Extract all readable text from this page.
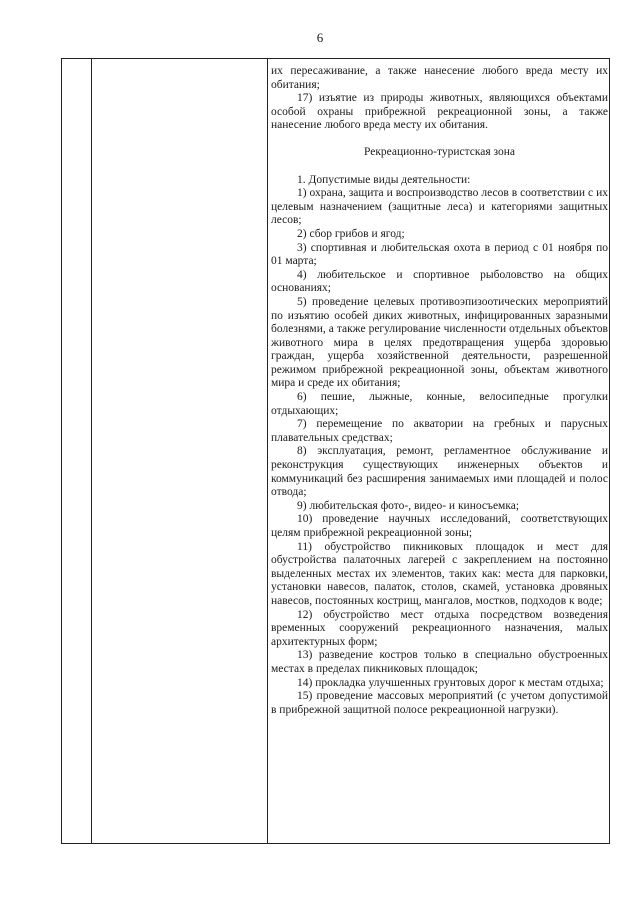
6

их пересаживание, а также нанесение любого вреда месту их обитания;

17) изъятие из природы животных, являющихся объектами особой охраны прибрежной рекреационной зоны, а также нанесение любого вреда месту их обитания.

Рекреационно-туристская зона

1. Допустимые виды деятельности:

1) охрана, защита и воспроизводство лесов в соответствии с их целевым назначением (защитные леса) и категориями защитных лесов;

2) сбор грибов и ягод;

3) спортивная и любительская охота в период с 01 ноября по 01 марта;

4) любительское и спортивное рыболовство на общих основаниях;

5) проведение целевых противоэпизоотических мероприятий по изъятию особей диких животных, инфицированных заразными болезнями, а также регулирование численности отдельных объектов животного мира в целях предотвращения ущерба здоровью граждан, ущерба хозяйственной деятельности, разрешенной режимом прибрежной рекреационной зоны, объектам животного мира и среде их обитания;

6) пешие, лыжные, конные, велосипедные прогулки отдыхающих;

7) перемещение по акватории на гребных и парусных плавательных средствах;

8) эксплуатация, ремонт, регламентное обслуживание и реконструкция существующих инженерных объектов и коммуникаций без расширения занимаемых ими площадей и полос отвода;

9) любительская фото-, видео- и киносъемка;

10) проведение научных исследований, соответствующих целям прибрежной рекреационной зоны;

11) обустройство пикниковых площадок и мест для обустройства палаточных лагерей с закреплением на постоянно выделенных местах их элементов, таких как: места для парковки, установки навесов, палаток, столов, скамей, установка дровяных навесов, постоянных кострищ, мангалов, мостков, подходов к воде;

12) обустройство мест отдыха посредством возведения временных сооружений рекреационного назначения, малых архитектурных форм;

13) разведение костров только в специально обустроенных местах в пределах пикниковых площадок;

14) прокладка улучшенных грунтовых дорог к местам отдыха;

15) проведение массовых мероприятий (с учетом допустимой в прибрежной защитной полосе рекреационной нагрузки).
